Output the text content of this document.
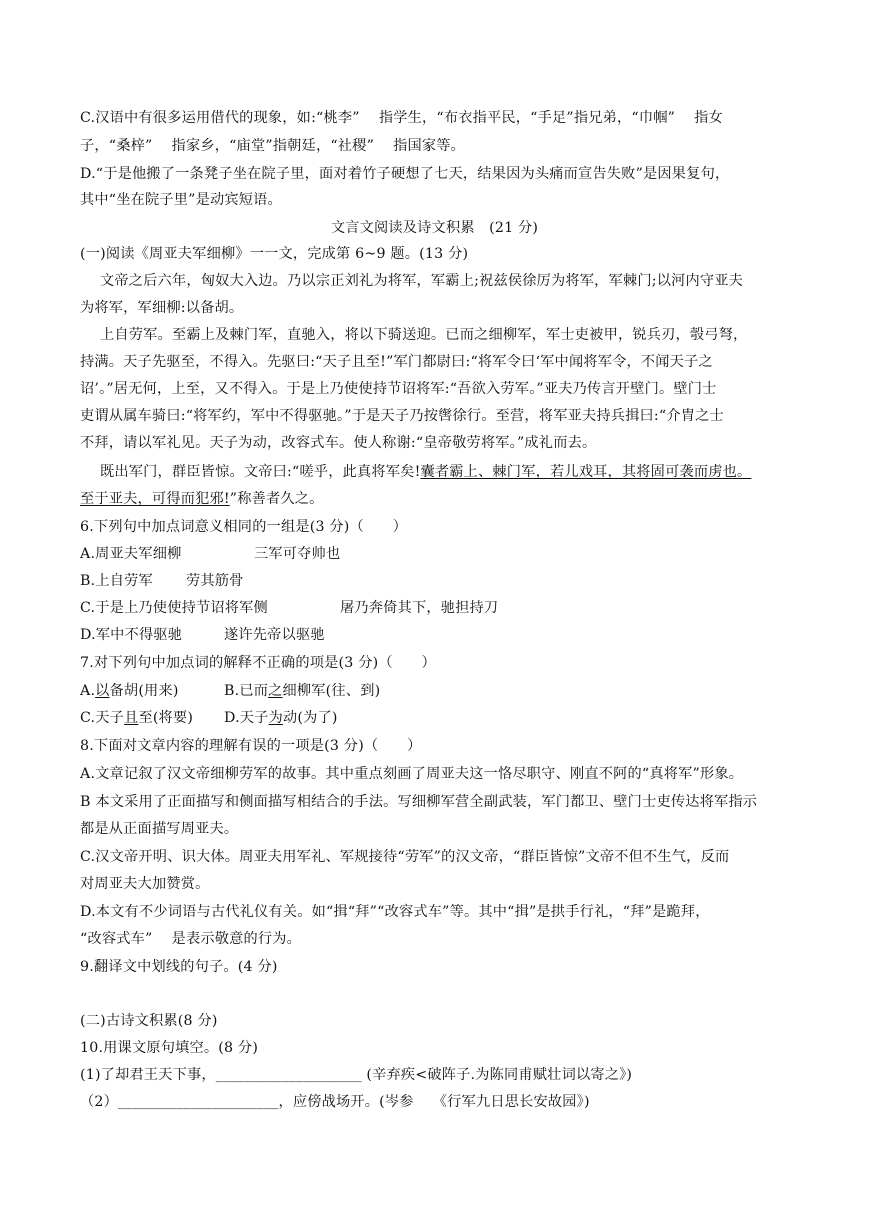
C.汉语中有很多运用借代的现象，如:“桃李”　 指学生，“布衣指平民，“手足”指兄弟，“巾帼”　 指女
子，“桑梓”　 指家乡，“庙堂”指朝廷，“社稷”　 指国家等。
D.“于是他搬了一条凳子坐在院子里，面对着竹子硬想了七天，结果因为头痛而宣告失败”是因果复句，
其中“坐在院子里”是动宾短语。
文言文阅读及诗文积累　(21 分)
(一)阅读《周亚夫军细柳》一一文，完成第 6~9 题。(13 分)
文帝之后六年，匈奴大入边。乃以宗正刘礼为将军，军霸上;祝兹侯徐厉为将军，军棘门;以河内守亚夫
为将军，军细柳:以备胡。
上自劳军。至霸上及棘门军，直驰入，将以下骑送迎。已而之细柳军，军士吏被甲，锐兵刃，彀弓弩，
持满。天子先驱至，不得入。先驱曰:“天子且至!”军门都尉曰:“将军令曰‘军中闻将军令，不闻天子之
诏’。”居无何，上至，又不得入。于是上乃使使持节诏将军:“吾欲入劳军。”亚夫乃传言开壁门。壁门士
吏谓从属车骑曰:“将军约，军中不得驱驰。”于是天子乃按辔徐行。至营，将军亚夫持兵揖曰:“介胄之士
不拜，请以军礼见。天子为动，改容式车。使人称谢:“皇帝敬劳将军。”成礼而去。
既出军门，群臣皆惊。文帝曰:“嗟乎，此真将军矣!囊者霸上、棘门军，若儿戏耳，其将固可袭而虏也。
至于亚夫，可得而犯邪!”称善者久之。
6.下列句中加点词意义相同的一组是(3 分)（　　）
A.周亚夫军细柳	三军可夺帅也
B.上自劳军 劳其筋骨
C.于是上乃使使持节诏将军侧	屠乃奔倚其下，驰担持刀
D.军中不得驱驰	遂许先帝以驱驰
7.对下列句中加点词的解释不正确的项是(3 分)（　　）
A.以备胡(用来)	B.已而之细柳军(往、到)
C.天子且至(将要) D.天子为动(为了)
8.下面对文章内容的理解有误的一项是(3 分)（　　）
A.文章记叙了汉文帝细柳劳军的故事。其中重点刻画了周亚夫这一恪尽职守、刚直不阿的“真将军”形象。
B 本文采用了正面描写和侧面描写相结合的手法。写细柳军营全副武装，军门都卫、壁门士吏传达将军指示
都是从正面描写周亚夫。
C.汉文帝开明、识大体。周亚夫用军礼、军规接待“劳军”的汉文帝，“群臣皆惊”文帝不但不生气，反而
对周亚夫大加赞赏。
D.本文有不少词语与古代礼仪有关。如“揖“拜”“改容式车”等。其中“揖”是拱手行礼，“拜”是跪拜，
“改容式车”　 是表示敬意的行为。
9.翻译文中划线的句子。(4 分)
(二)古诗文积累(8 分)
10.用课文原句填空。(8 分)
(1)了却君王天下事，____________________ (辛弃疾<破阵子.为陈同甫赋壮词以寄之》)
（2）______________________，应傍战场开。(岑参　 《行军九日思长安故园》)
